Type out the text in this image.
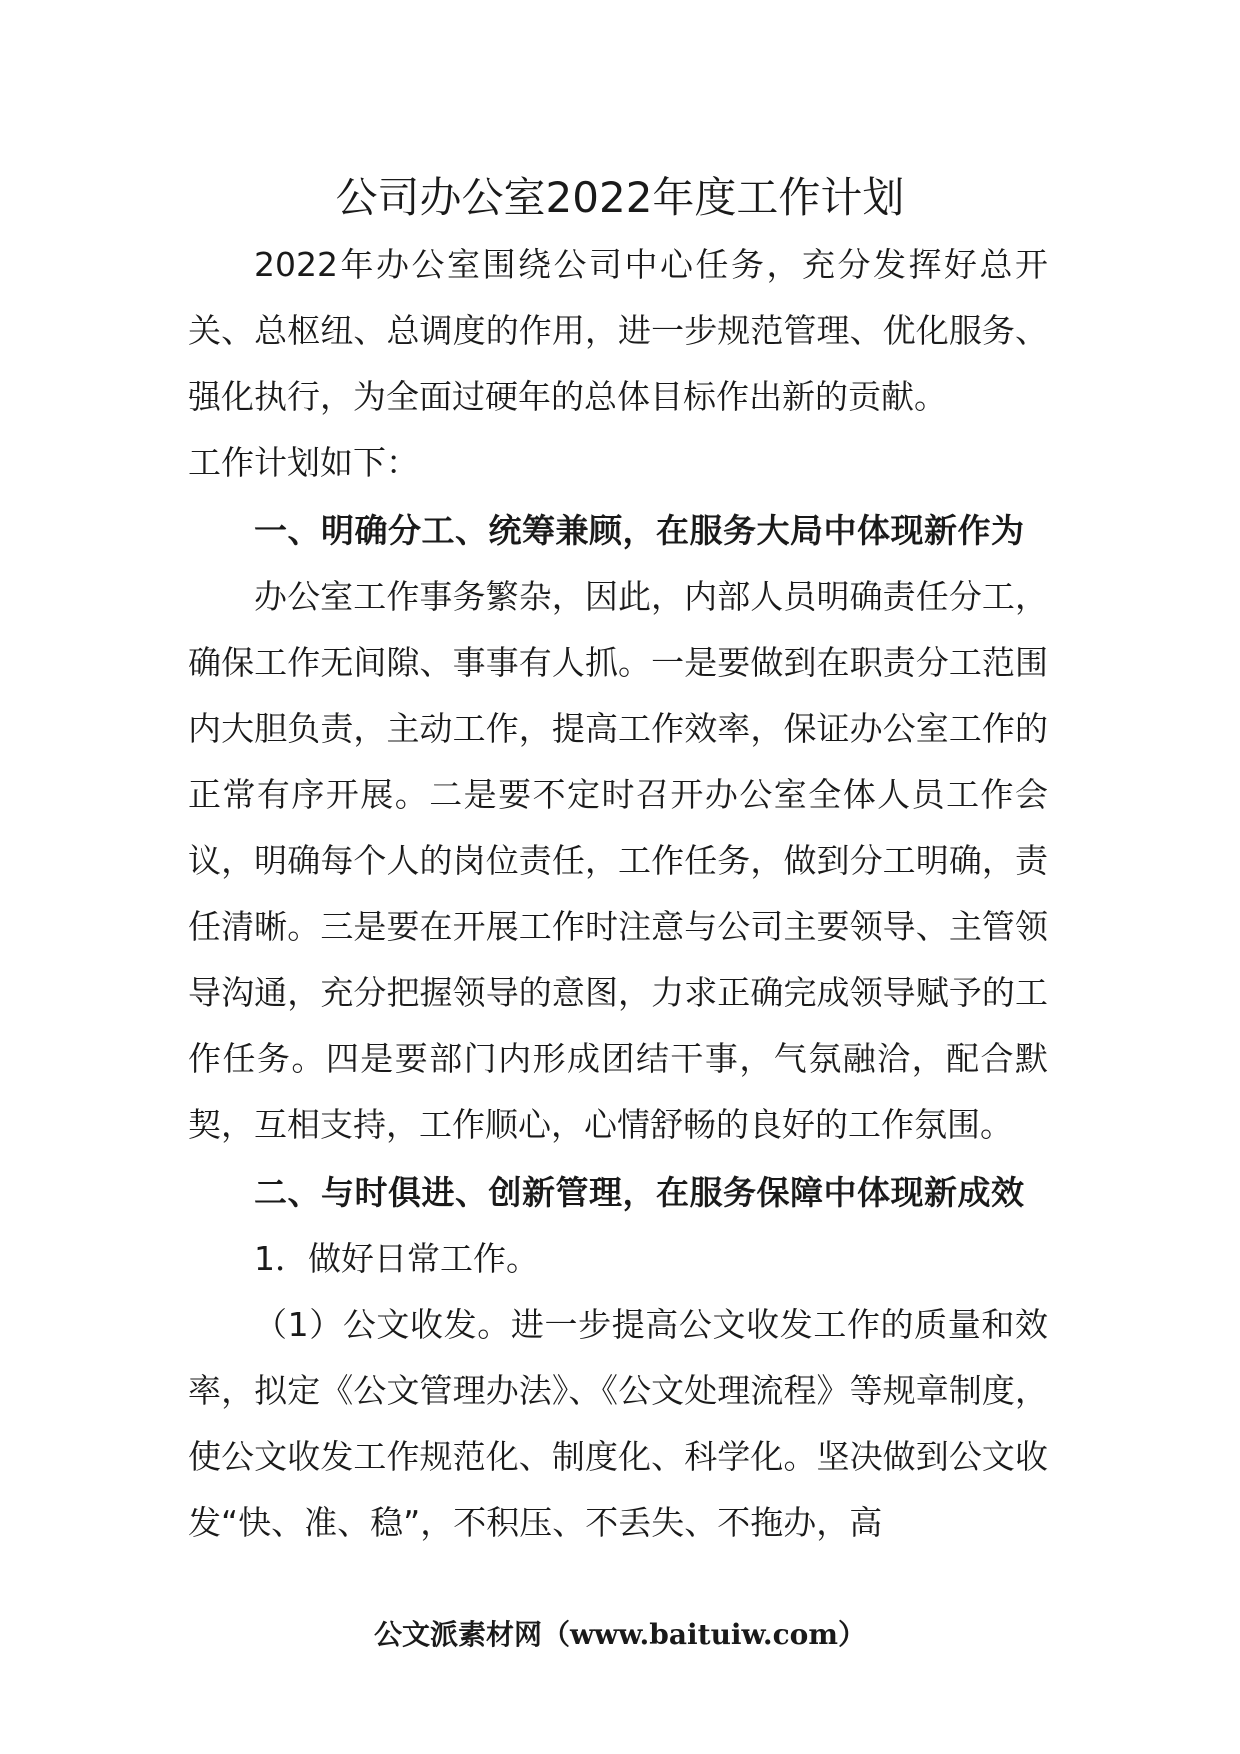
公司办公室2022年度工作计划

2022年办公室围绕公司中心任务，充分发挥好总开关、总枢纽、总调度的作用，进一步规范管理、优化服务、强化执行，为全面过硬年的总体目标作出新的贡献。

工作计划如下：

一、明确分工、统筹兼顾，在服务大局中体现新作为

办公室工作事务繁杂，因此，内部人员明确责任分工，确保工作无间隙、事事有人抓。一是要做到在职责分工范围内大胆负责，主动工作，提高工作效率，保证办公室工作的正常有序开展。二是要不定时召开办公室全体人员工作会议，明确每个人的岗位责任，工作任务，做到分工明确，责任清晰。三是要在开展工作时注意与公司主要领导、主管领导沟通，充分把握领导的意图，力求正确完成领导赋予的工作任务。四是要部门内形成团结干事，气氛融洽，配合默契，互相支持，工作顺心，心情舒畅的良好的工作氛围。

二、与时俱进、创新管理，在服务保障中体现新成效

1．做好日常工作。

（1）公文收发。进一步提高公文收发工作的质量和效率，拟定《公文管理办法》、《公文处理流程》等规章制度，使公文收发工作规范化、制度化、科学化。坚决做到公文收发“快、准、稳”，不积压、不丢失、不拖办，高

公文派素材网（www.baituiw.com）
